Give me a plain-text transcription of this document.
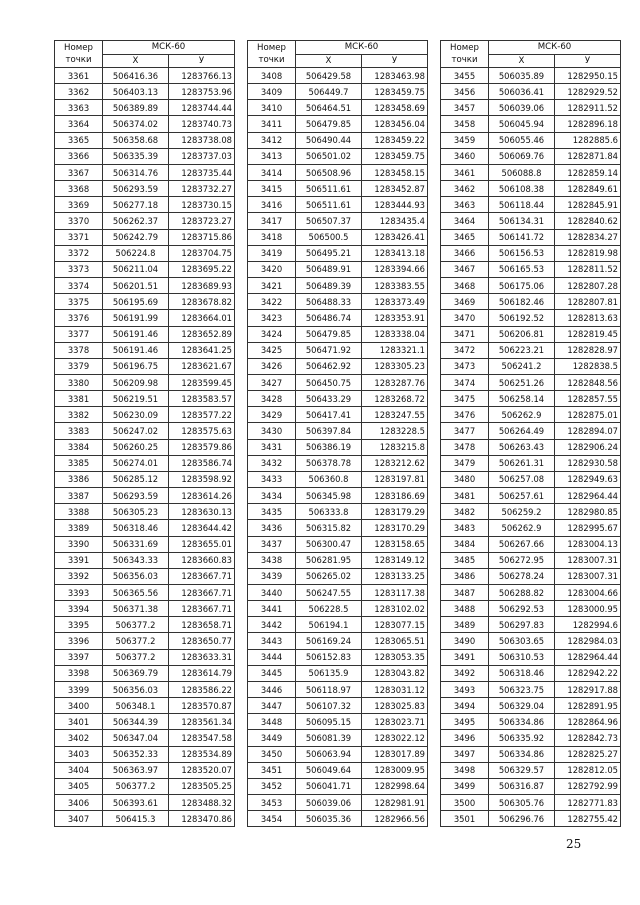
Номер
точки	МСК-60	
	X	У
3361	506416.36	1283766.13
3362	506403.13	1283753.96
3363	506389.89	1283744.44
3364	506374.02	1283740.73
3365	506358.68	1283738.08
3366	506335.39	1283737.03
3367	506314.76	1283735.44
3368	506293.59	1283732.27
3369	506277.18	1283730.15
3370	506262.37	1283723.27
3371	506242.79	1283715.86
3372	506224.8	1283704.75
3373	506211.04	1283695.22
3374	506201.51	1283689.93
3375	506195.69	1283678.82
3376	506191.99	1283664.01
3377	506191.46	1283652.89
3378	506191.46	1283641.25
3379	506196.75	1283621.67
3380	506209.98	1283599.45
3381	506219.51	1283583.57
3382	506230.09	1283577.22
3383	506247.02	1283575.63
3384	506260.25	1283579.86
3385	506274.01	1283586.74
3386	506285.12	1283598.92
3387	506293.59	1283614.26
3388	506305.23	1283630.13
3389	506318.46	1283644.42
3390	506331.69	1283655.01
3391	506343.33	1283660.83
3392	506356.03	1283667.71
3393	506365.56	1283667.71
3394	506371.38	1283667.71
3395	506377.2	1283658.71
3396	506377.2	1283650.77
3397	506377.2	1283633.31
3398	506369.79	1283614.79
3399	506356.03	1283586.22
3400	506348.1	1283570.87
3401	506344.39	1283561.34
3402	506347.04	1283547.58
3403	506352.33	1283534.89
3404	506363.97	1283520.07
3405	506377.2	1283505.25
3406	506393.61	1283488.32
3407	506415.3	1283470.86
Номер
точки	МСК-60	
	X	У
3408	506429.58	1283463.98
3409	506449.7	1283459.75
3410	506464.51	1283458.69
3411	506479.85	1283456.04
3412	506490.44	1283459.22
3413	506501.02	1283459.75
3414	506508.96	1283458.15
3415	506511.61	1283452.87
3416	506511.61	1283444.93
3417	506507.37	1283435.4
3418	506500.5	1283426.41
3419	506495.21	1283413.18
3420	506489.91	1283394.66
3421	506489.39	1283383.55
3422	506488.33	1283373.49
3423	506486.74	1283353.91
3424	506479.85	1283338.04
3425	506471.92	1283321.1
3426	506462.92	1283305.23
3427	506450.75	1283287.76
3428	506433.29	1283268.72
3429	506417.41	1283247.55
3430	506397.84	1283228.5
3431	506386.19	1283215.8
3432	506378.78	1283212.62
3433	506360.8	1283197.81
3434	506345.98	1283186.69
3435	506333.8	1283179.29
3436	506315.82	1283170.29
3437	506300.47	1283158.65
3438	506281.95	1283149.12
3439	506265.02	1283133.25
3440	506247.55	1283117.38
3441	506228.5	1283102.02
3442	506194.1	1283077.15
3443	506169.24	1283065.51
3444	506152.83	1283053.35
3445	506135.9	1283043.82
3446	506118.97	1283031.12
3447	506107.32	1283025.83
3448	506095.15	1283023.71
3449	506081.39	1283022.12
3450	506063.94	1283017.89
3451	506049.64	1283009.95
3452	506041.71	1282998.64
3453	506039.06	1282981.91
3454	506035.36	1282966.56
Номер
точки	МСК-60	
	X	У
3455	506035.89	1282950.15
3456	506036.41	1282929.52
3457	506039.06	1282911.52
3458	506045.94	1282896.18
3459	506055.46	1282885.6
3460	506069.76	1282871.84
3461	506088.8	1282859.14
3462	506108.38	1282849.61
3463	506118.44	1282845.91
3464	506134.31	1282840.62
3465	506141.72	1282834.27
3466	506156.53	1282819.98
3467	506165.53	1282811.52
3468	506175.06	1282807.28
3469	506182.46	1282807.81
3470	506192.52	1282813.63
3471	506206.81	1282819.45
3472	506223.21	1282828.97
3473	506241.2	1282838.5
3474	506251.26	1282848.56
3475	506258.14	1282857.55
3476	506262.9	1282875.01
3477	506264.49	1282894.07
3478	506263.43	1282906.24
3479	506261.31	1282930.58
3480	506257.08	1282949.63
3481	506257.61	1282964.44
3482	506259.2	1282980.85
3483	506262.9	1282995.67
3484	506267.66	1283004.13
3485	506272.95	1283007.31
3486	506278.24	1283007.31
3487	506288.82	1283004.66
3488	506292.53	1283000.95
3489	506297.83	1282994.6
3490	506303.65	1282984.03
3491	506310.53	1282964.44
3492	506318.46	1282942.22
3493	506323.75	1282917.88
3494	506329.04	1282891.95
3495	506334.86	1282864.96
3496	506335.92	1282842.73
3497	506334.86	1282825.27
3498	506329.57	1282812.05
3499	506316.87	1282792.99
3500	506305.76	1282771.83
3501	506296.76	1282755.42
25
